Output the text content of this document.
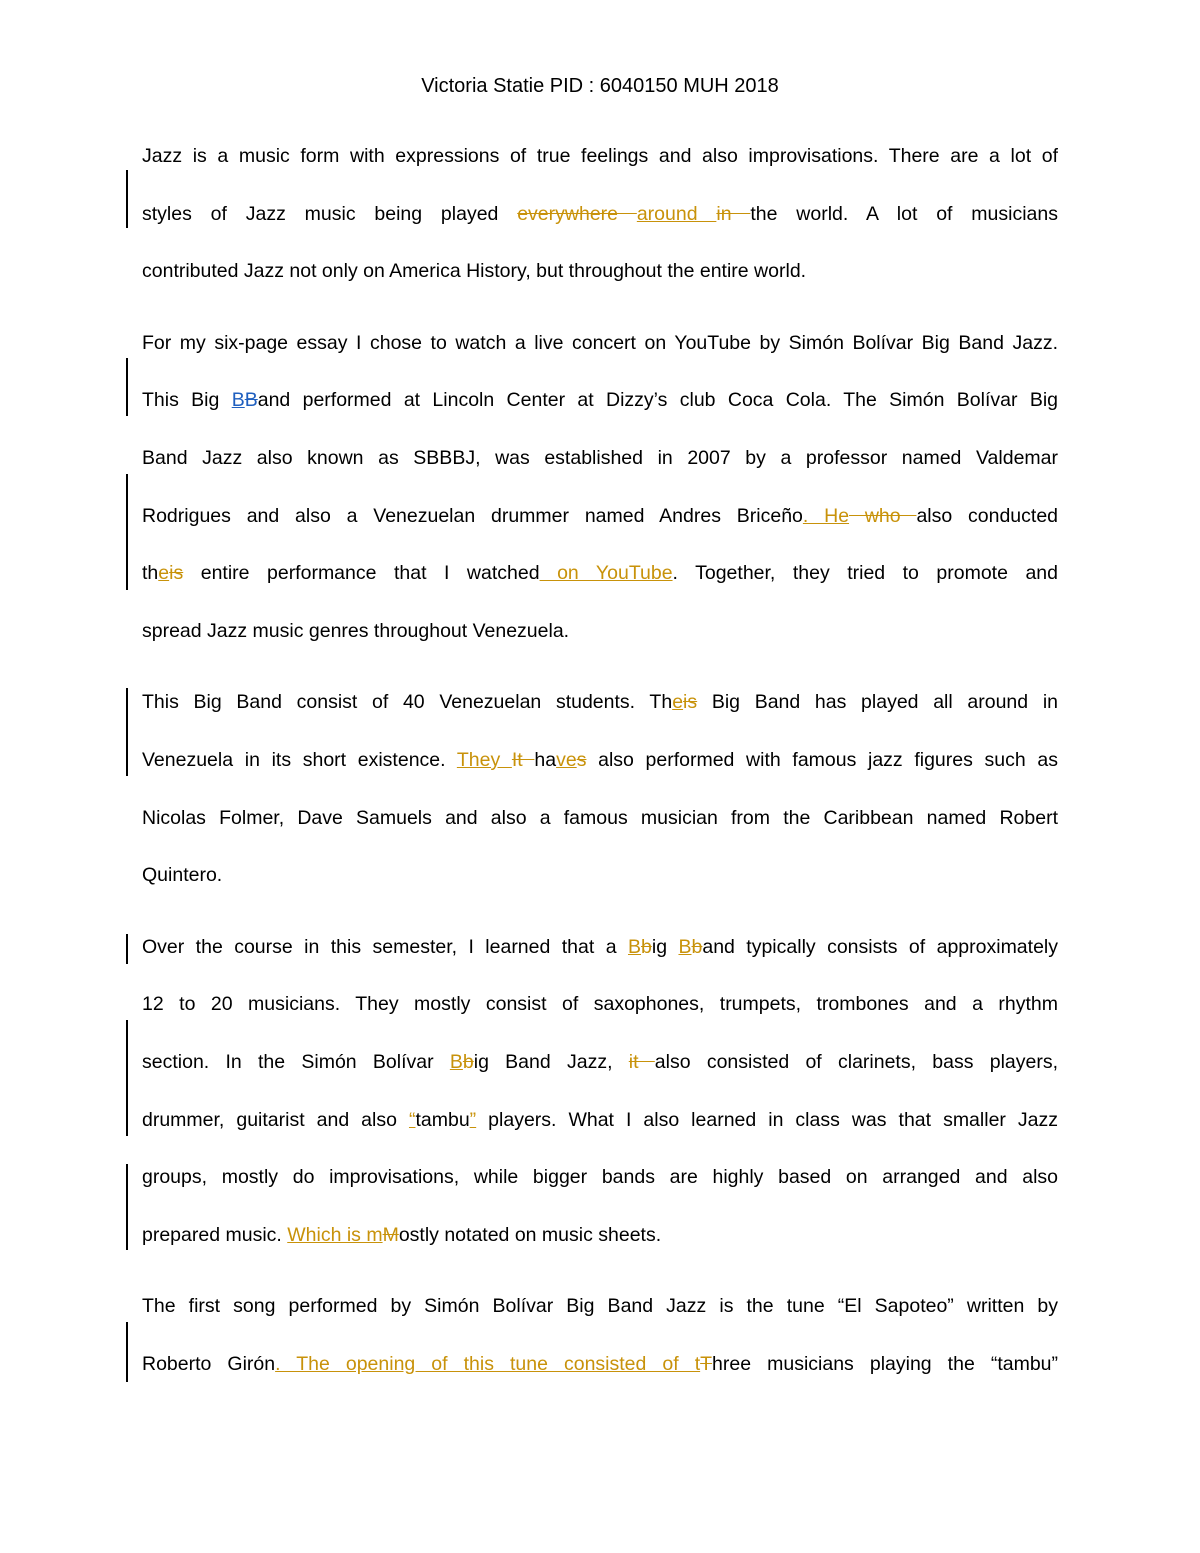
Victoria Statie PID : 6040150 MUH 2018
Jazz is a music form with expressions of true feelings and also improvisations. There are a lot of
styles of Jazz music being played everywhere around in the world. A lot of musicians
contributed Jazz not only on America History, but throughout the entire world.
For my six-page essay I chose to watch a live concert on YouTube by Simón Bolívar Big Band Jazz.
This Big BBand performed at Lincoln Center at Dizzy’s club Coca Cola. The Simón Bolívar Big
Band Jazz also known as SBBBJ, was established in 2007 by a professor named Valdemar
Rodrigues and also a Venezuelan drummer named Andres Briceño. He who also conducted
theis entire performance that I watched on YouTube. Together, they tried to promote and
spread Jazz music genres throughout Venezuela.
This Big Band consist of 40 Venezuelan students. Theis Big Band has played all around in
Venezuela in its short existence. They It haves also performed with famous jazz figures such as
Nicolas Folmer, Dave Samuels and also a famous musician from the Caribbean named Robert
Quintero.
Over the course in this semester, I learned that a Bbig Bband typically consists of approximately
12 to 20 musicians. They mostly consist of saxophones, trumpets, trombones and a rhythm
section. In the Simón Bolívar Bbig Band Jazz, it also consisted of clarinets, bass players,
drummer, guitarist and also “tambu” players. What I also learned in class was that smaller Jazz
groups, mostly do improvisations, while bigger bands are highly based on arranged and also
prepared music. Which is mMostly notated on music sheets.
The first song performed by Simón Bolívar Big Band Jazz is the tune “El Sapoteo” written by
Roberto Girón. The opening of this tune consisted of tThree musicians playing the “tambu”
